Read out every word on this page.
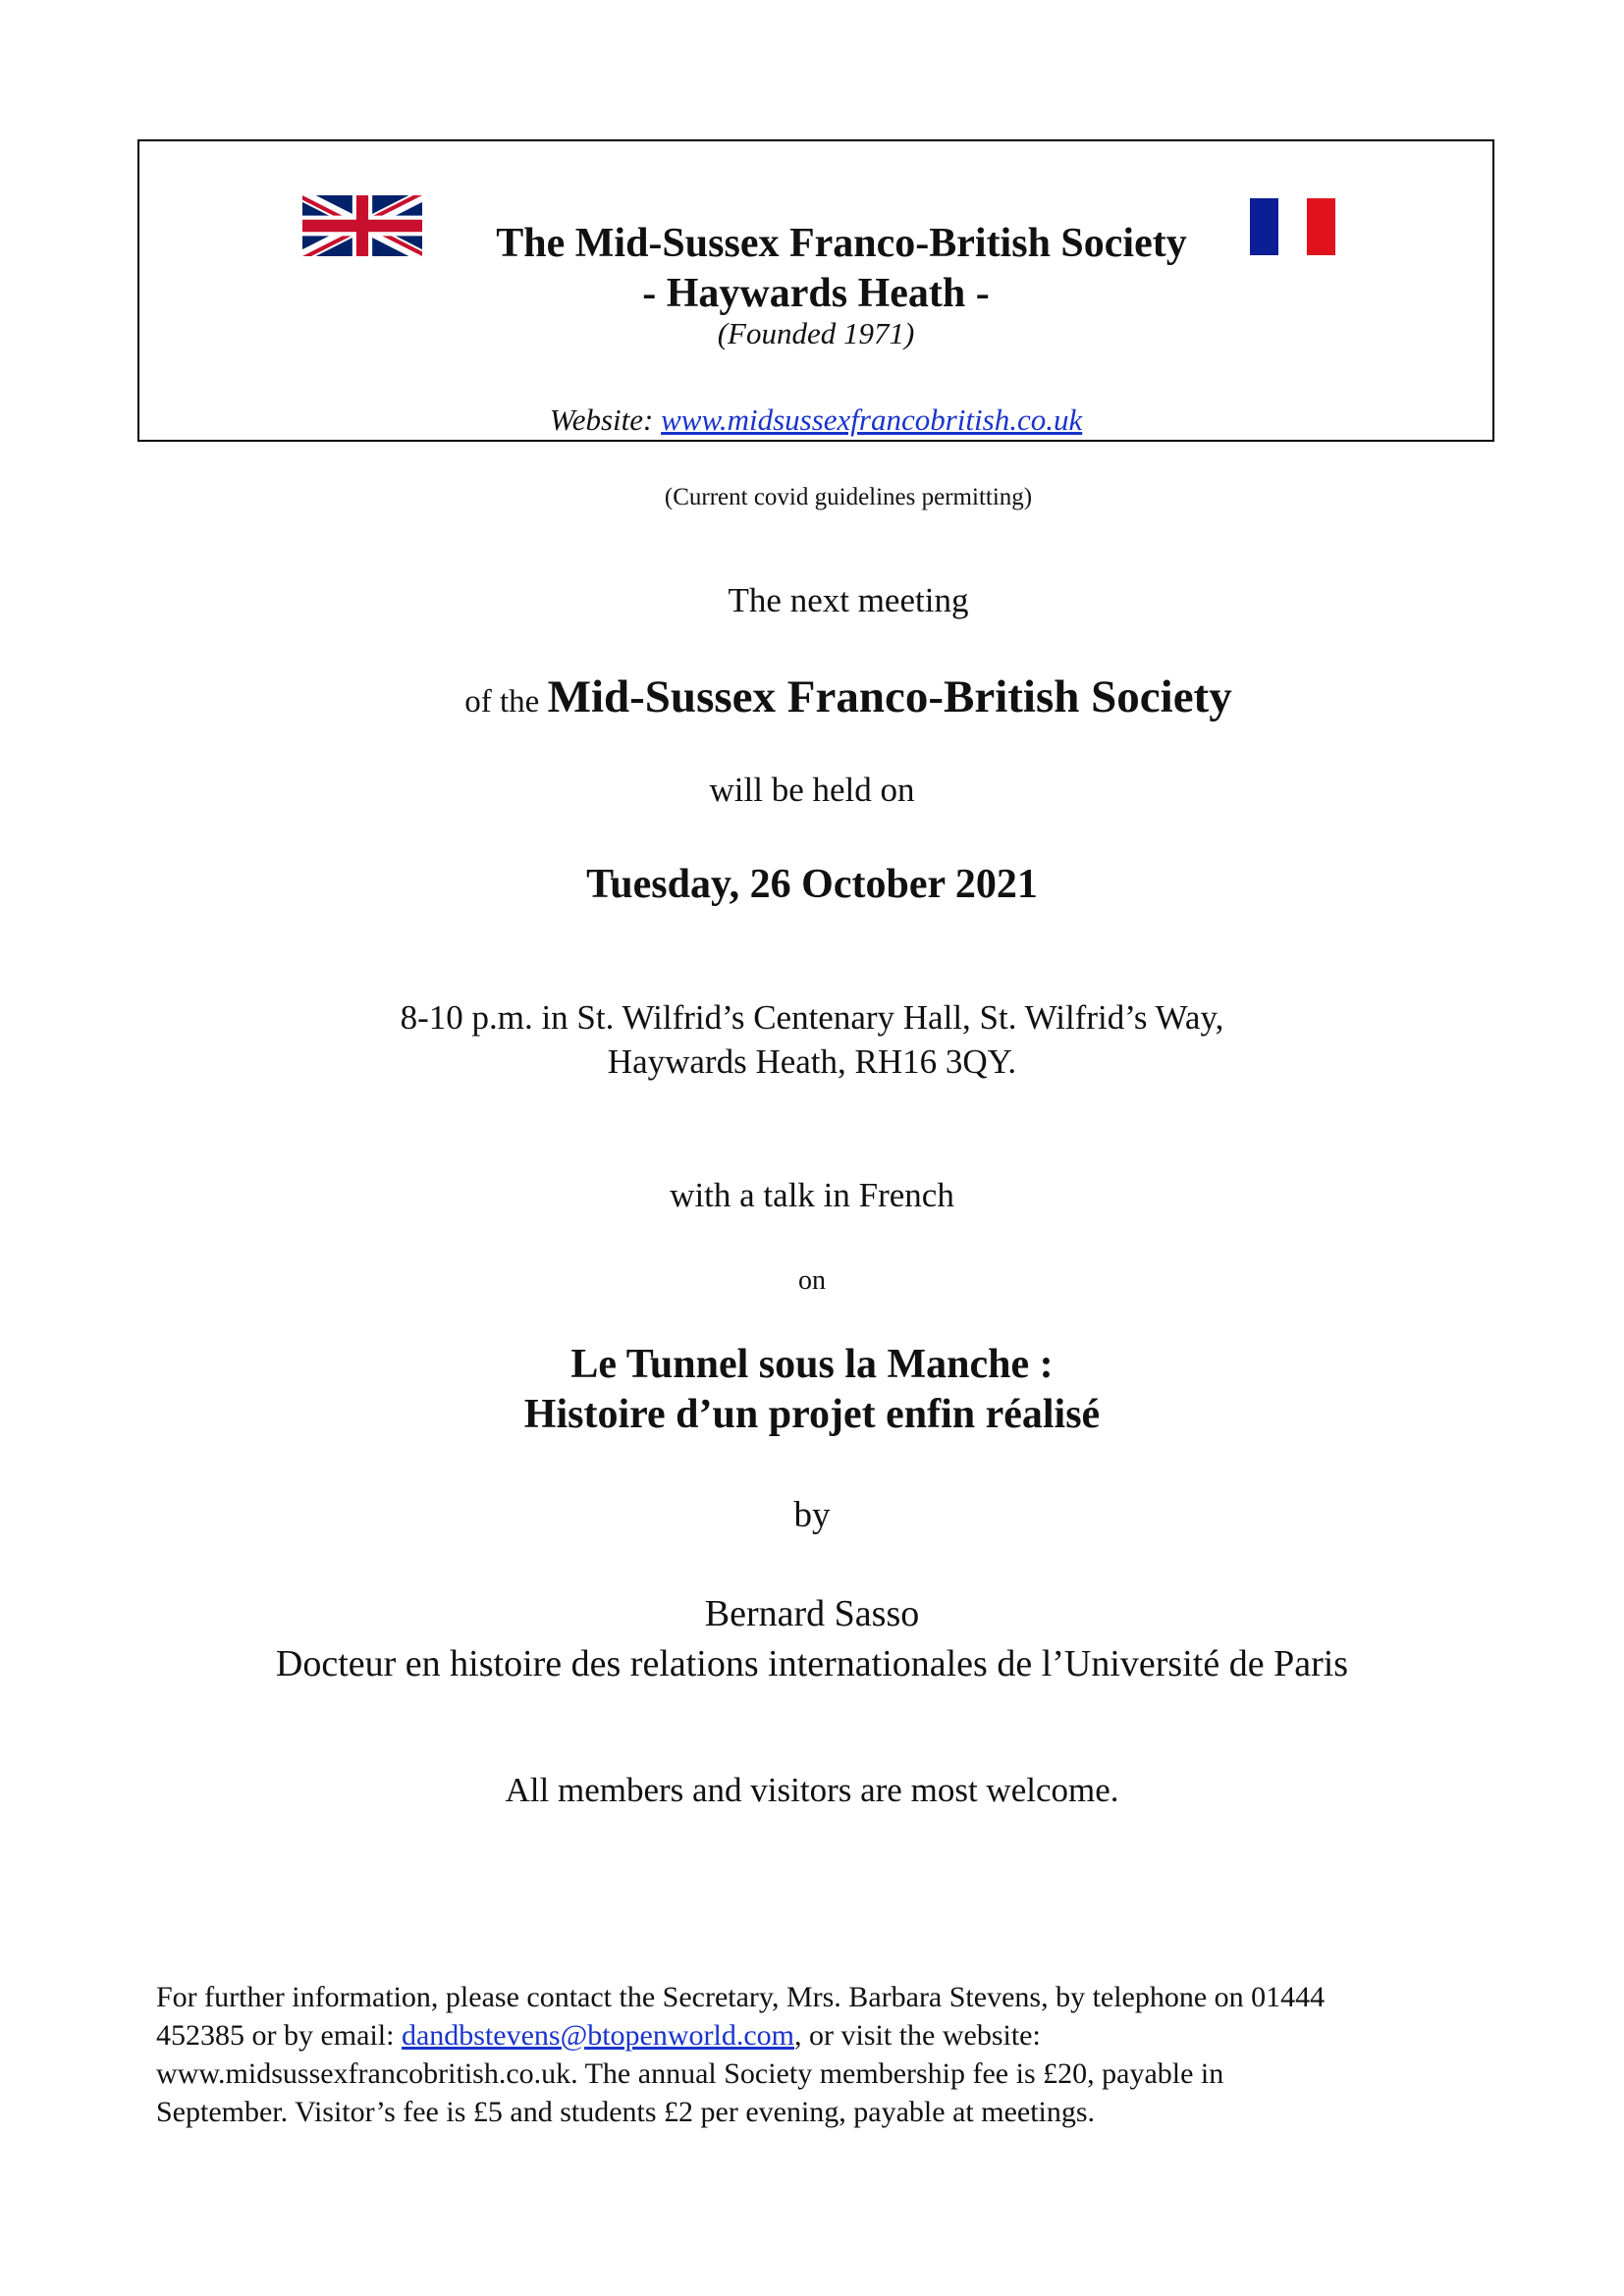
The Mid-Sussex Franco-British Society
- Haywards Heath -
(Founded 1971)
Website: www.midsussexfrancobritish.co.uk
(Current covid guidelines permitting)
The next meeting
of the Mid-Sussex Franco-British Society
will be held on
Tuesday, 26 October 2021
8-10 p.m. in St. Wilfrid’s Centenary Hall, St. Wilfrid’s Way,
Haywards Heath, RH16 3QY.
with a talk in French
on
Le Tunnel sous la Manche :
Histoire d’un projet enfin réalisé
by
Bernard Sasso
Docteur en histoire des relations internationales de l’Université de Paris
All members and visitors are most welcome.

For further information, please contact the Secretary, Mrs. Barbara Stevens, by telephone on 01444

452385 or by email: dandbstevens@btopenworld.com, or visit the website:

www.midsussexfrancobritish.co.uk. The annual Society membership fee is £20, payable in

September. Visitor’s fee is £5 and students £2 per evening, payable at meetings.
